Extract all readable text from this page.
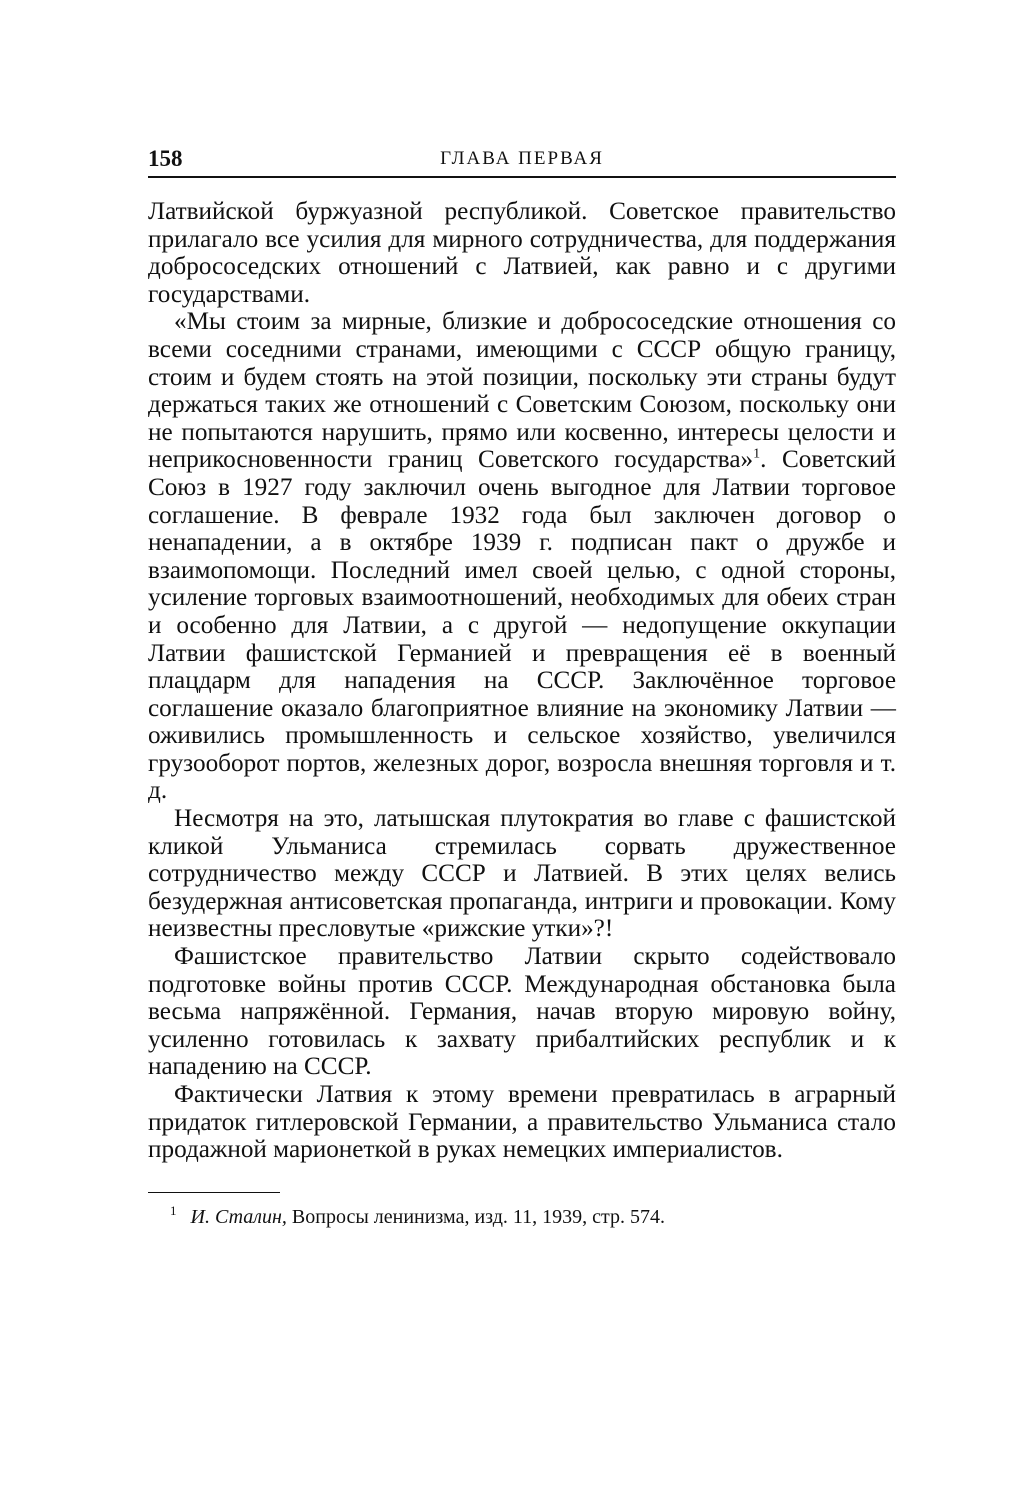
158	ГЛАВА ПЕРВАЯ

Латвийской буржуазной республикой. Советское правительство прилагало все усилия для мирного сотрудничества, для поддержания добрососедских отношений с Латвией, как равно и с другими государствами.

«Мы стоим за мирные, близкие и добрососедские отношения со всеми соседними странами, имеющими с СССР общую границу, стоим и будем стоять на этой позиции, поскольку эти страны будут держаться таких же отношений с Советским Союзом, поскольку они не попытаются нарушить, прямо или косвенно, интересы целости и неприкосновенности границ Советского государства»$^1$. Советский Союз в 1927 году заключил очень выгодное для Латвии торговое соглашение. В феврале 1932 года был заключен договор о ненападении, а в октябре 1939 г. подписан пакт о дружбе и взаимопомощи. Последний имел своей целью, с одной стороны, усиление торговых взаимоотношений, необходимых для обеих стран и особенно для Латвии, а с другой — недопущение оккупации Латвии фашистской Германией и превращения её в военный плацдарм для нападения на СССР. Заключённое торговое соглашение оказало благоприятное влияние на экономику Латвии — оживились промышленность и сельское хозяйство, увеличился грузооборот портов, железных дорог, возросла внешняя торговля и т. д.

Несмотря на это, латышская плутократия во главе с фашистской кликой Ульманиса стремилась сорвать дружественное сотрудничество между СССР и Латвией. В этих целях велись безудержная антисоветская пропаганда, интриги и провокации. Кому неизвестны пресловутые «рижские утки»?!

Фашистское правительство Латвии скрыто содействовало подготовке войны против СССР. Международная обстановка была весьма напряжённой. Германия, начав вторую мировую войну, усиленно готовилась к захвату прибалтийских республик и к нападению на СССР.

Фактически Латвия к этому времени превратилась в аграрный придаток гитлеровской Германии, а правительство Ульманиса стало продажной марионеткой в руках немецких империалистов.

$^1$ И. Сталин, Вопросы ленинизма, изд. 11, 1939, стр. 574.
